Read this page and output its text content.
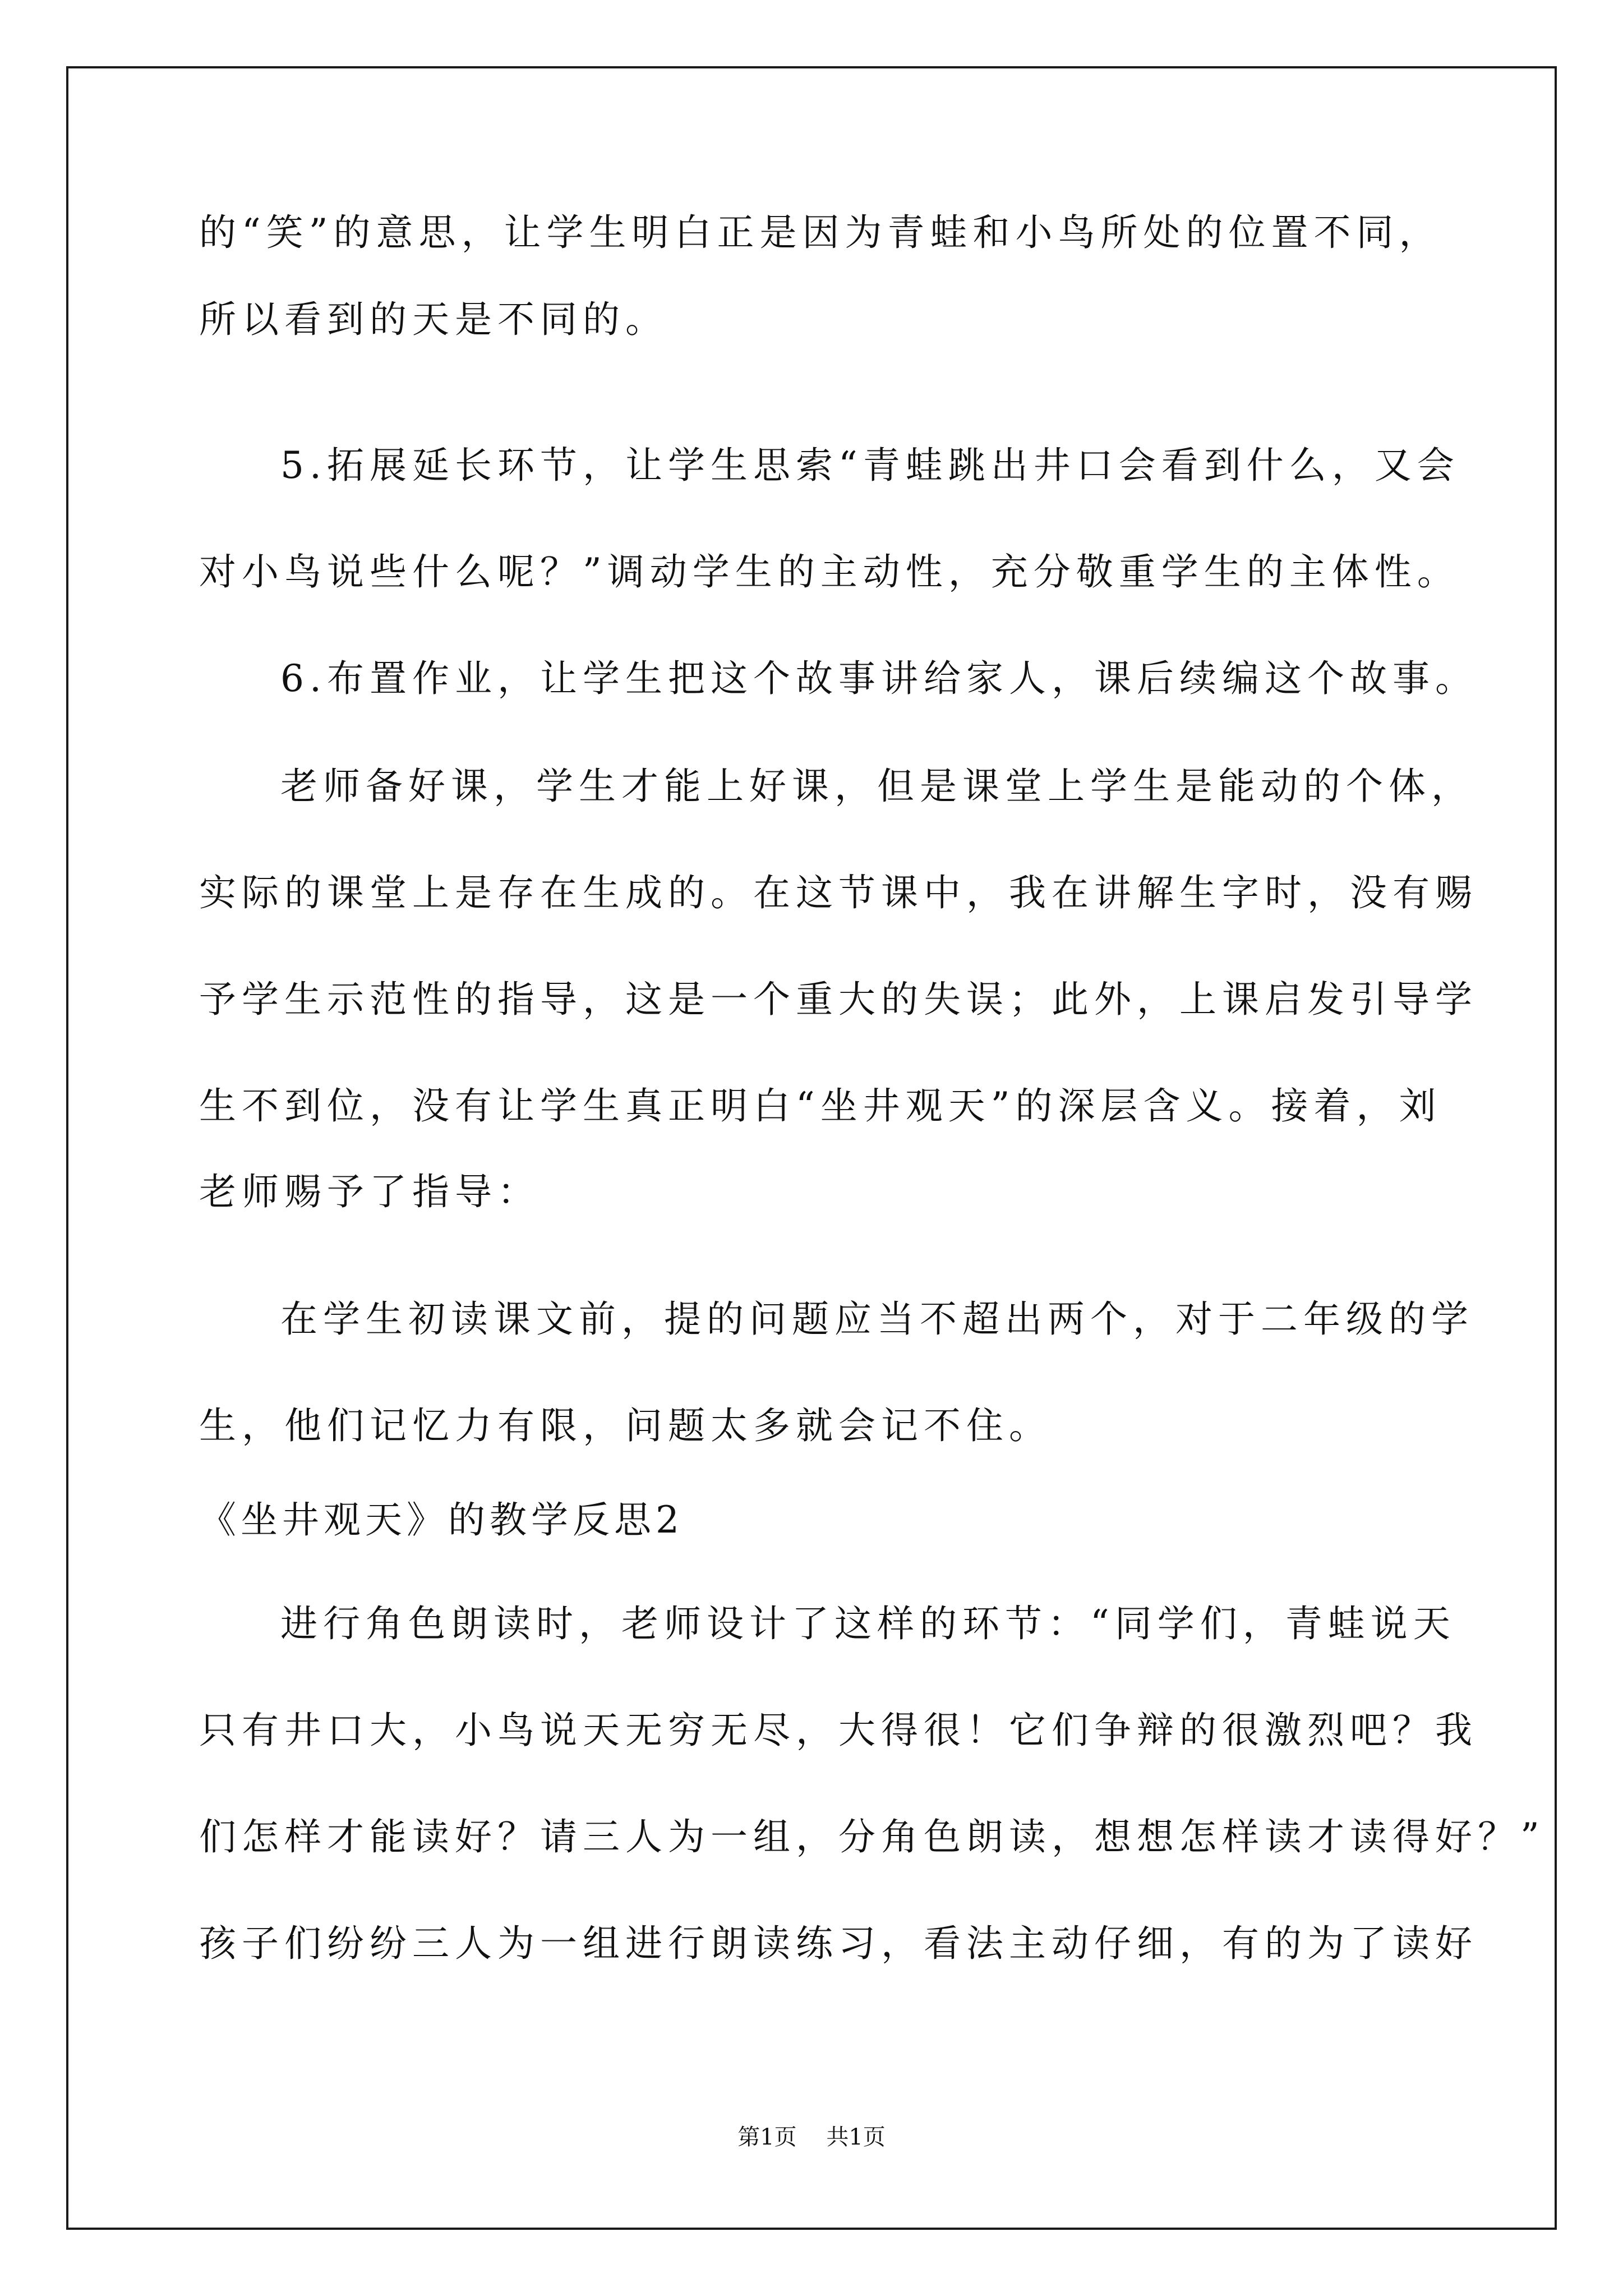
的“笑”的意思，让学生明白正是因为青蛙和小鸟所处的位置不同，

所以看到的天是不同的。

5.拓展延长环节，让学生思索“青蛙跳出井口会看到什么，又会

对小鸟说些什么呢？”调动学生的主动性，充分敬重学生的主体性。

6.布置作业，让学生把这个故事讲给家人，课后续编这个故事。

老师备好课，学生才能上好课，但是课堂上学生是能动的个体，

实际的课堂上是存在生成的。在这节课中，我在讲解生字时，没有赐

予学生示范性的指导，这是一个重大的失误；此外，上课启发引导学

生不到位，没有让学生真正明白“坐井观天”的深层含义。接着，刘

老师赐予了指导：

在学生初读课文前，提的问题应当不超出两个，对于二年级的学

生，他们记忆力有限，问题太多就会记不住。

《坐井观天》的教学反思2

进行角色朗读时，老师设计了这样的环节：“同学们，青蛙说天

只有井口大，小鸟说天无穷无尽，大得很！它们争辩的很激烈吧？我

们怎样才能读好？请三人为一组，分角色朗读，想想怎样读才读得好？”

孩子们纷纷三人为一组进行朗读练习，看法主动仔细，有的为了读好

第1页 共1页
